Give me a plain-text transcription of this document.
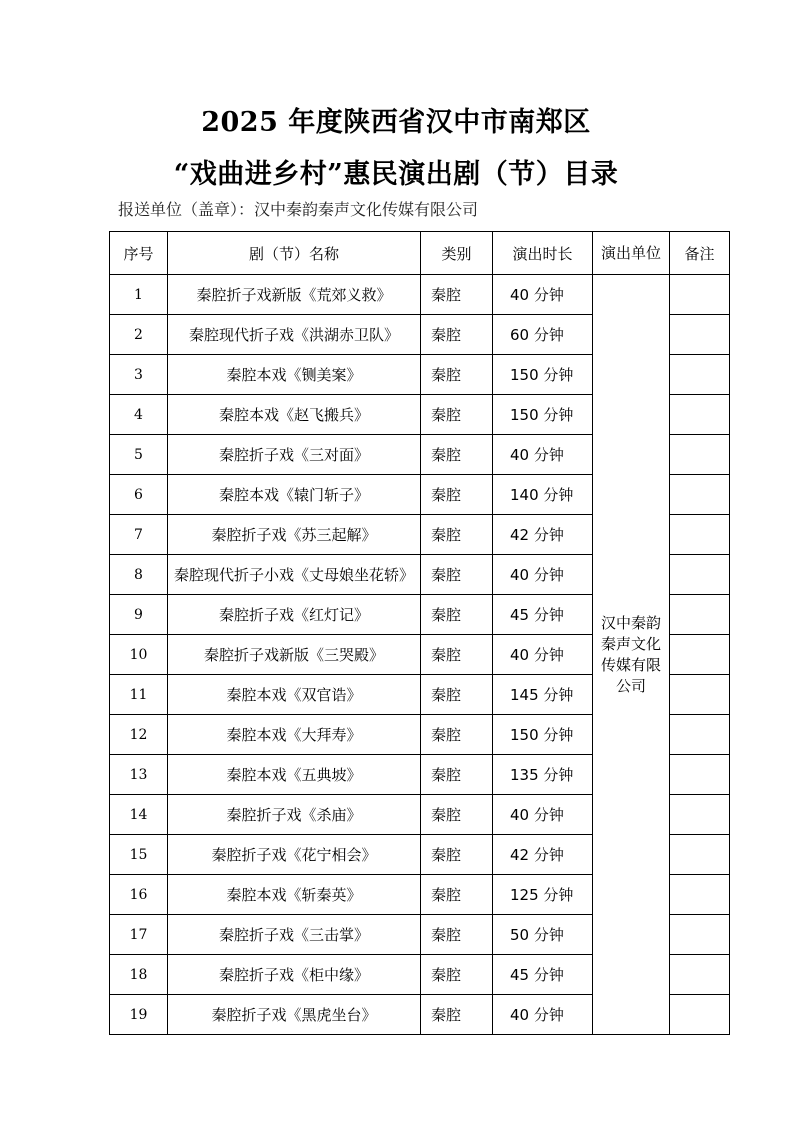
2025 年度陕西省汉中市南郑区
“戏曲进乡村”惠民演出剧（节）目录
报送单位（盖章）：汉中秦韵秦声文化传媒有限公司
序号	剧（节）名称	类别	演出时长	演出单位	备注
1	秦腔折子戏新版《荒郊义救》	秦腔	40 分钟	汉中秦韵秦声文化传媒有限公司	
2	秦腔现代折子戏《洪湖赤卫队》	秦腔	60 分钟		
3	秦腔本戏《铡美案》	秦腔	150 分钟		
4	秦腔本戏《赵飞搬兵》	秦腔	150 分钟		
5	秦腔折子戏《三对面》	秦腔	40 分钟		
6	秦腔本戏《辕门斩子》	秦腔	140 分钟		
7	秦腔折子戏《苏三起解》	秦腔	42 分钟		
8	秦腔现代折子小戏《丈母娘坐花轿》	秦腔	40 分钟		
9	秦腔折子戏《红灯记》	秦腔	45 分钟		
10	秦腔折子戏新版《三哭殿》	秦腔	40 分钟		
11	秦腔本戏《双官诰》	秦腔	145 分钟		
12	秦腔本戏《大拜寿》	秦腔	150 分钟		
13	秦腔本戏《五典坡》	秦腔	135 分钟		
14	秦腔折子戏《杀庙》	秦腔	40 分钟		
15	秦腔折子戏《花宁相会》	秦腔	42 分钟		
16	秦腔本戏《斩秦英》	秦腔	125 分钟		
17	秦腔折子戏《三击掌》	秦腔	50 分钟		
18	秦腔折子戏《柜中缘》	秦腔	45 分钟		
19	秦腔折子戏《黑虎坐台》	秦腔	40 分钟		
